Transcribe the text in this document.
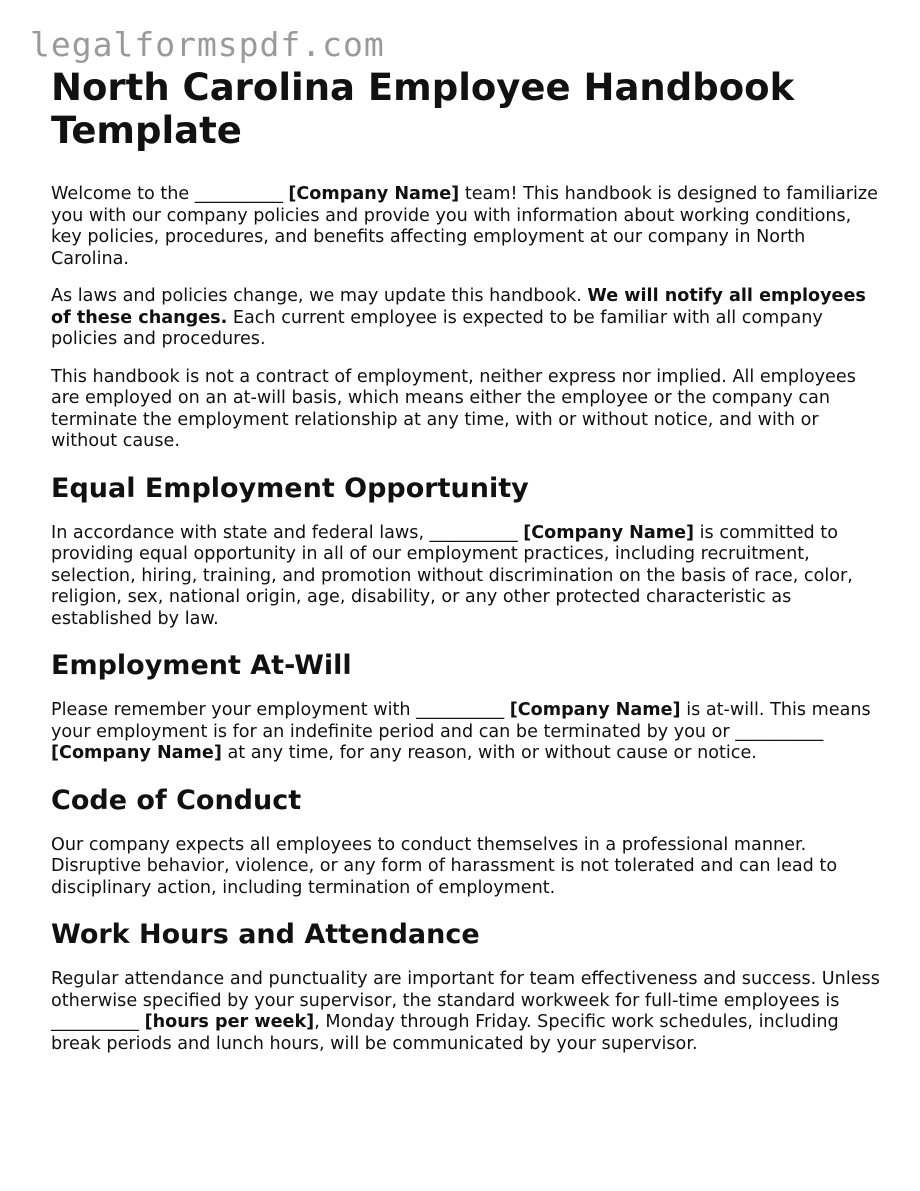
legalformspdf.com
North Carolina Employee Handbook Template

Welcome to the __________ [Company Name] team! This handbook is designed to familiarize you with our company policies and provide you with information about working conditions, key policies, procedures, and benefits affecting employment at our company in North Carolina.

As laws and policies change, we may update this handbook. We will notify all employees of these changes. Each current employee is expected to be familiar with all company policies and procedures.

This handbook is not a contract of employment, neither express nor implied. All employees are employed on an at-will basis, which means either the employee or the company can terminate the employment relationship at any time, with or without notice, and with or without cause.

Equal Employment Opportunity

In accordance with state and federal laws, __________ [Company Name] is committed to providing equal opportunity in all of our employment practices, including recruitment, selection, hiring, training, and promotion without discrimination on the basis of race, color, religion, sex, national origin, age, disability, or any other protected characteristic as established by law.

Employment At-Will

Please remember your employment with __________ [Company Name] is at-will. This means your employment is for an indefinite period and can be terminated by you or __________ [Company Name] at any time, for any reason, with or without cause or notice.

Code of Conduct

Our company expects all employees to conduct themselves in a professional manner. Disruptive behavior, violence, or any form of harassment is not tolerated and can lead to disciplinary action, including termination of employment.

Work Hours and Attendance

Regular attendance and punctuality are important for team effectiveness and success. Unless otherwise specified by your supervisor, the standard workweek for full-time employees is __________ [hours per week], Monday through Friday. Specific work schedules, including break periods and lunch hours, will be communicated by your supervisor.
